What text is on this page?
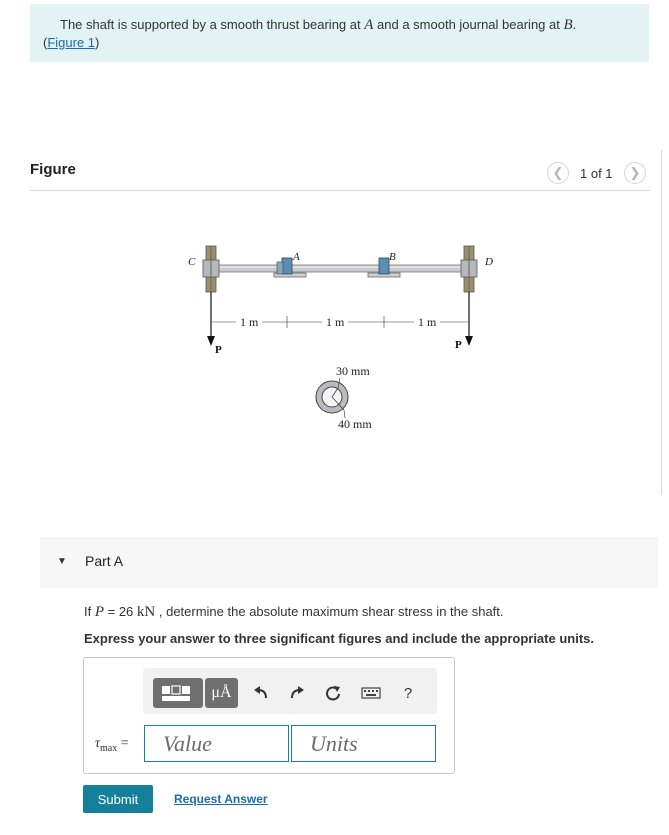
The shaft is supported by a smooth thrust bearing at A and a smooth journal bearing at B.
(Figure 1)
Figure	❮ 1 of 1 ❯
1 m	1 m	1 m
C	A	B	D
P	P
30 mm
40 mm
▼ Part A
If P = 26 kN , determine the absolute maximum shear stress in the shaft.
Express your answer to three significant figures and include the appropriate units.
μÅ	?
$\tau_{max}$ =
Value
Units
Submit	Request Answer
